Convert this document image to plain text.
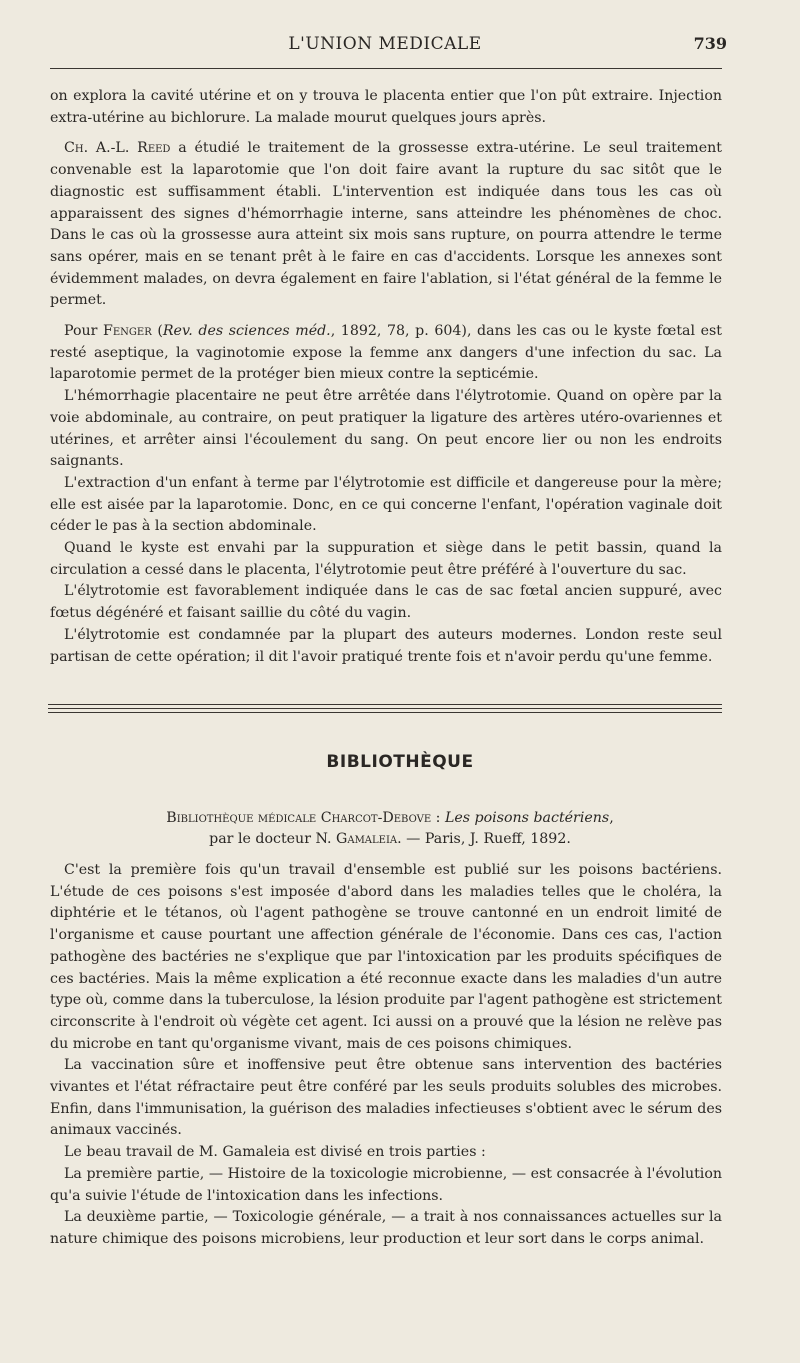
L'UNION MEDICALE	739

on explora la cavité utérine et on y trouva le placenta entier que l'on pût extraire. Injection extra-utérine au bichlorure. La malade mourut quelques jours après.

Ch. A.-L. Reed a étudié le traitement de la grossesse extra-utérine. Le seul traitement convenable est la laparotomie que l'on doit faire avant la rupture du sac sitôt que le diagnostic est suffisamment établi. L'intervention est indiquée dans tous les cas où apparaissent des signes d'hémorrhagie interne, sans atteindre les phénomènes de choc. Dans le cas où la grossesse aura atteint six mois sans rupture, on pourra attendre le terme sans opérer, mais en se tenant prêt à le faire en cas d'accidents. Lorsque les annexes sont évidemment malades, on devra également en faire l'ablation, si l'état général de la femme le permet.

Pour Fenger (Rev. des sciences méd., 1892, 78, p. 604), dans les cas ou le kyste fœtal est resté aseptique, la vaginotomie expose la femme anx dangers d'une infection du sac. La laparotomie permet de la protéger bien mieux contre la septicémie.

L'hémorrhagie placentaire ne peut être arrêtée dans l'élytrotomie. Quand on opère par la voie abdominale, au contraire, on peut pratiquer la ligature des artères utéro-ovariennes et utérines, et arrêter ainsi l'écoulement du sang. On peut encore lier ou non les endroits saignants.

L'extraction d'un enfant à terme par l'élytrotomie est difficile et dangereuse pour la mère; elle est aisée par la laparotomie. Donc, en ce qui concerne l'enfant, l'opération vaginale doit céder le pas à la section abdominale.

Quand le kyste est envahi par la suppuration et siège dans le petit bassin, quand la circulation a cessé dans le placenta, l'élytrotomie peut être préféré à l'ouverture du sac.

L'élytrotomie est favorablement indiquée dans le cas de sac fœtal ancien suppuré, avec fœtus dégénéré et faisant saillie du côté du vagin.

L'élytrotomie est condamnée par la plupart des auteurs modernes. London reste seul partisan de cette opération; il dit l'avoir pratiqué trente fois et n'avoir perdu qu'une femme.

BIBLIOTHÈQUE
Bibliothèque médicale Charcot-Debove : Les poisons bactériens,
par le docteur N. Gamaleia. — Paris, J. Rueff, 1892.

C'est la première fois qu'un travail d'ensemble est publié sur les poisons bactériens. L'étude de ces poisons s'est imposée d'abord dans les maladies telles que le choléra, la diphtérie et le tétanos, où l'agent pathogène se trouve cantonné en un endroit limité de l'organisme et cause pourtant une affection générale de l'économie. Dans ces cas, l'action pathogène des bactéries ne s'explique que par l'intoxication par les produits spécifiques de ces bactéries. Mais la même explication a été reconnue exacte dans les maladies d'un autre type où, comme dans la tuberculose, la lésion produite par l'agent pathogène est strictement circonscrite à l'endroit où végète cet agent. Ici aussi on a prouvé que la lésion ne relève pas du microbe en tant qu'organisme vivant, mais de ces poisons chimiques.

La vaccination sûre et inoffensive peut être obtenue sans intervention des bactéries vivantes et l'état réfractaire peut être conféré par les seuls produits solubles des microbes. Enfin, dans l'immunisation, la guérison des maladies infectieuses s'obtient avec le sérum des animaux vaccinés.

Le beau travail de M. Gamaleia est divisé en trois parties :

La première partie, — Histoire de la toxicologie microbienne, — est consacrée à l'évolution qu'a suivie l'étude de l'intoxication dans les infections.

La deuxième partie, — Toxicologie générale, — a trait à nos connaissances actuelles sur la nature chimique des poisons microbiens, leur production et leur sort dans le corps animal.
